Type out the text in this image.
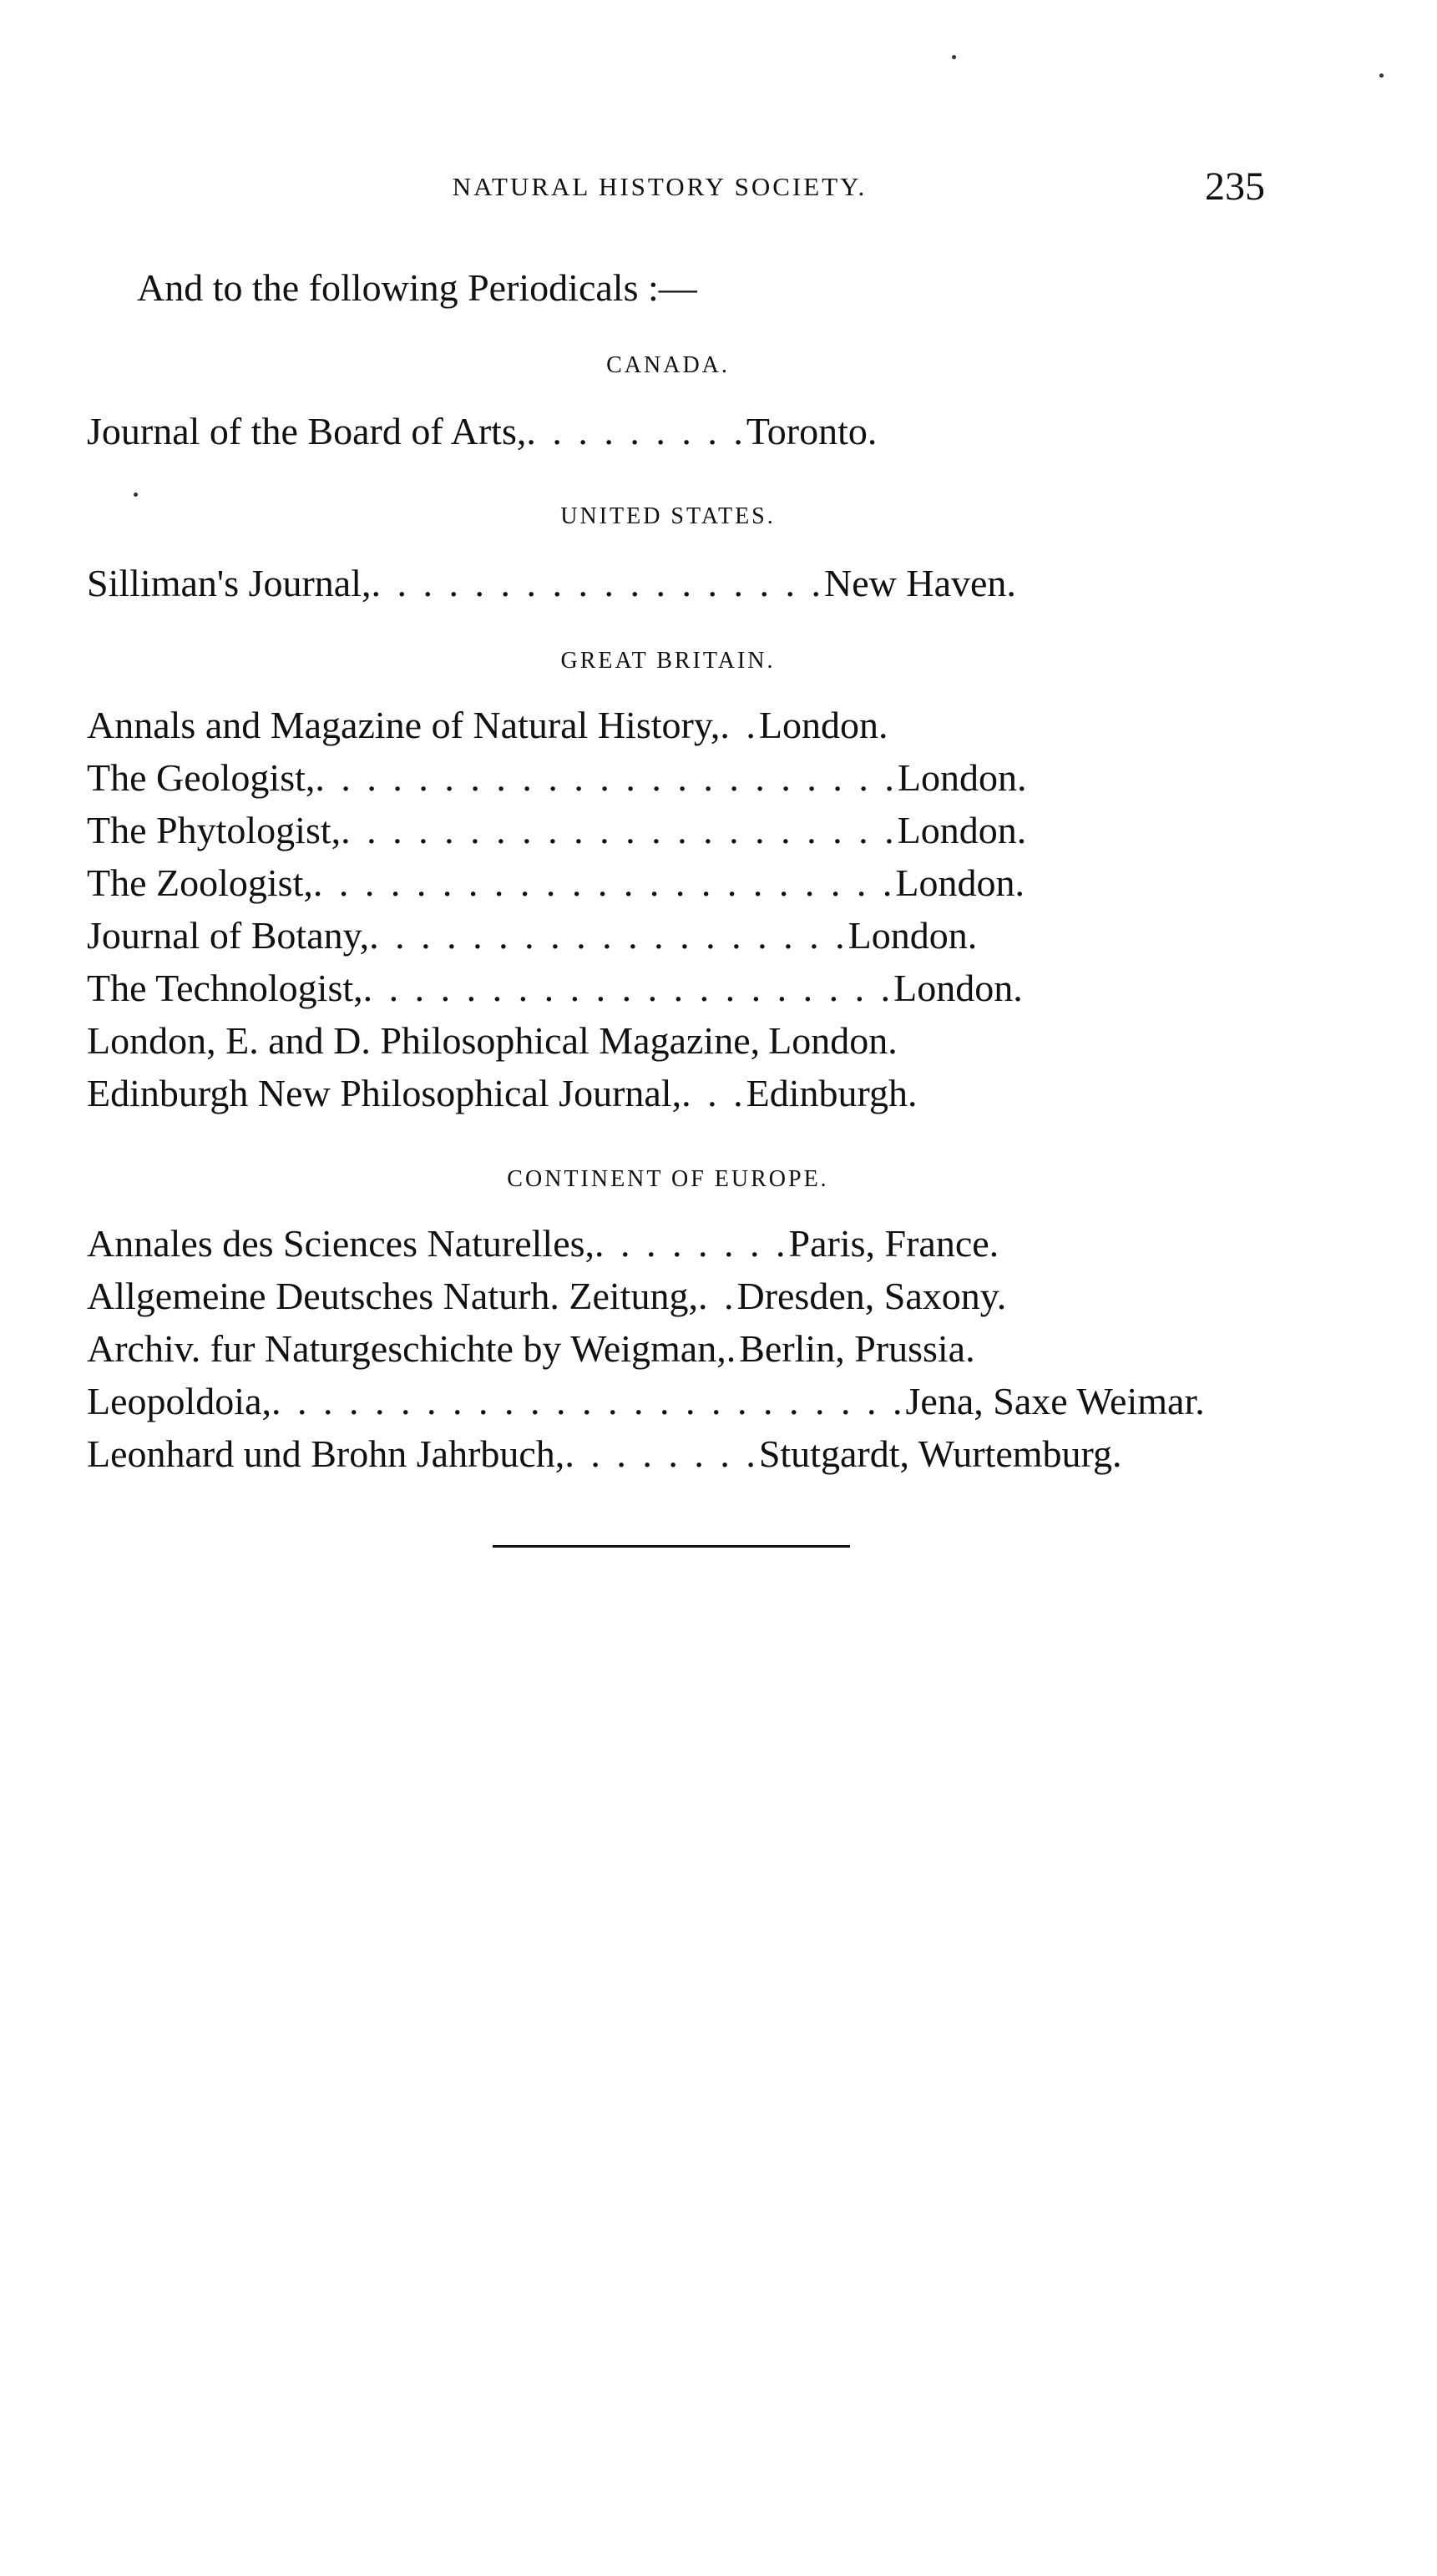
NATURAL HISTORY SOCIETY.	235
And to the following Periodicals :—
CANADA.
Journal of the Board of Arts, . . . . . . . . . Toronto.
UNITED STATES.
Silliman's Journal, . . . . . . . . . . . . . . . . . . New Haven.
GREAT BRITAIN.
Annals and Magazine of Natural History, . . London.
The Geologist, . . . . . . . . . . . . . . . . . . . . . . . London.
The Phytologist, . . . . . . . . . . . . . . . . . . . . . . London.
The Zoologist, . . . . . . . . . . . . . . . . . . . . . . . London.
Journal of Botany, . . . . . . . . . . . . . . . . . . . London.
The Technologist, . . . . . . . . . . . . . . . . . . . . . London.
London, E. and D. Philosophical Magazine, London.
Edinburgh New Philosophical Journal, . . . Edinburgh.
CONTINENT OF EUROPE.
Annales des Sciences Naturelles, . . . . . . . . Paris, France.
Allgemeine Deutsches Naturh. Zeitung, . . Dresden, Saxony.
Archiv. fur Naturgeschichte by Weigman, . Berlin, Prussia.
Leopoldoia, . . . . . . . . . . . . . . . . . . . . . . . . . Jena, Saxe Weimar.
Leonhard und Brohn Jahrbuch, . . . . . . . . Stutgardt, Wurtemburg.
